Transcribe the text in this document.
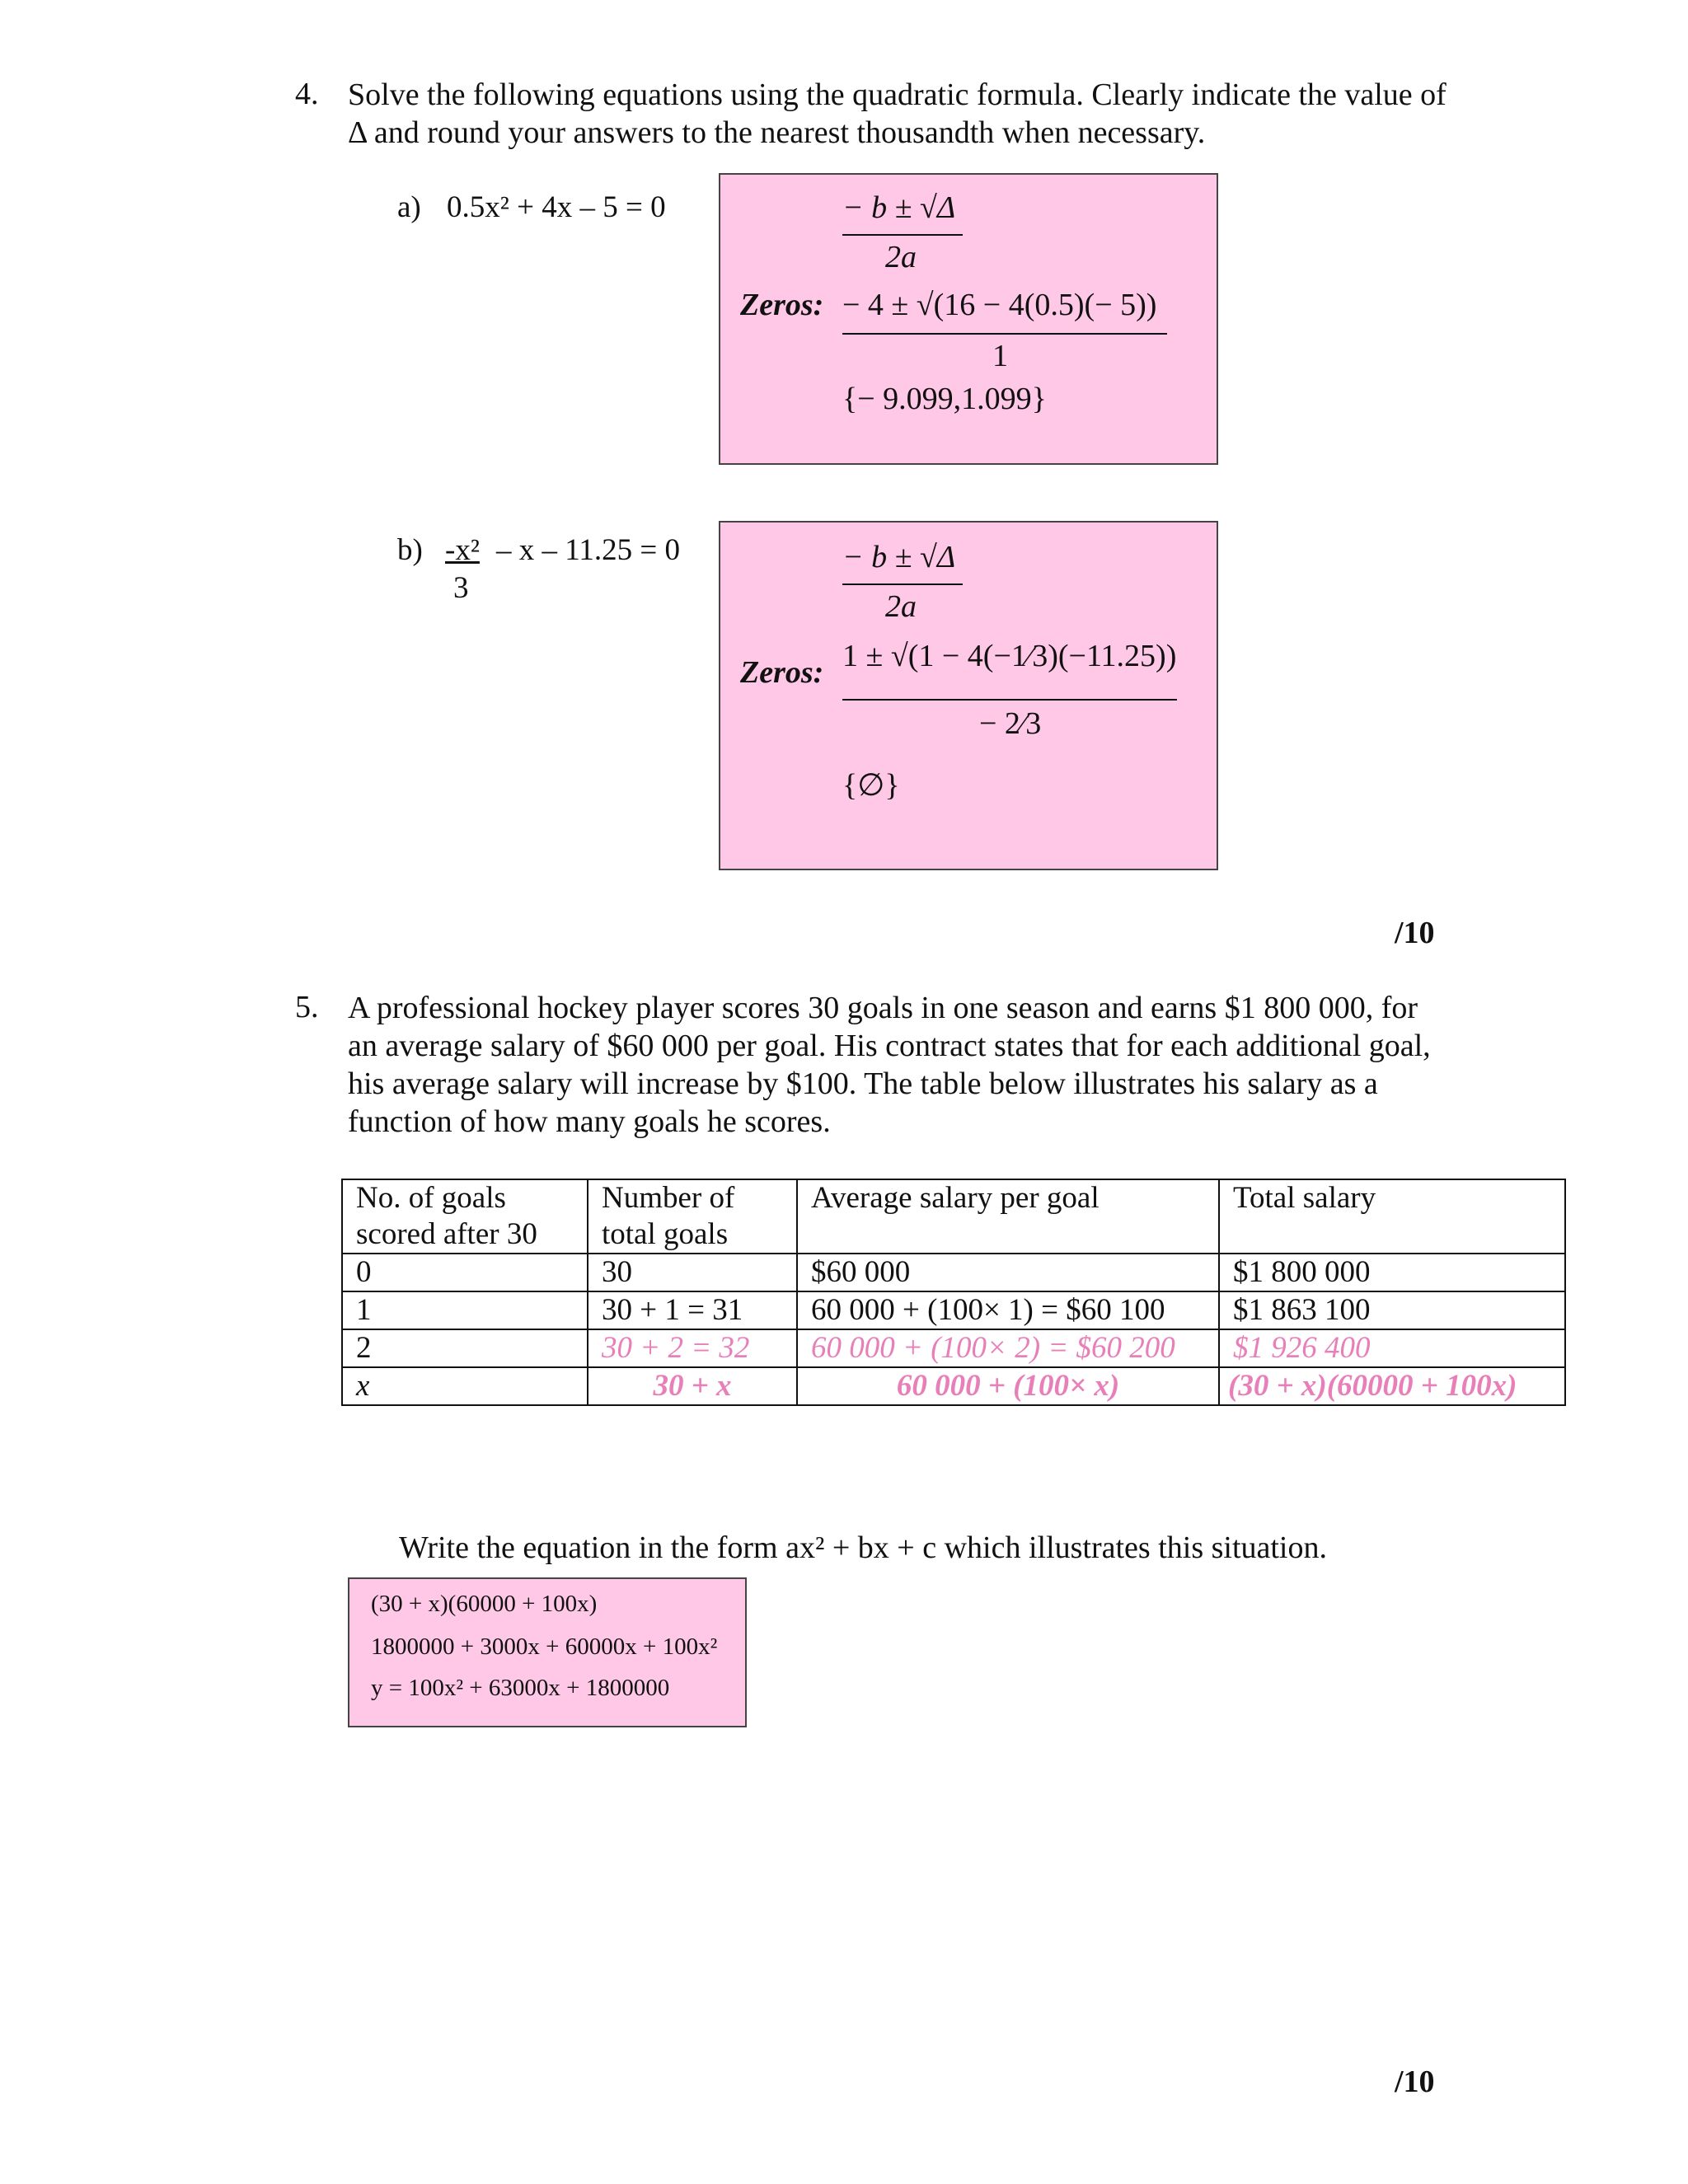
4. Solve the following equations using the quadratic formula. Clearly indicate the value of Δ and round your answers to the nearest thousandth when necessary.
a) 0.5x² + 4x – 5 = 0	− b ± √Δ
2a
Zeros: − 4 ± √(16 − 4(0.5)(− 5))
1
{− 9.099,1.099}
b) -x² – x – 11.25 = 0
3
− b ± √Δ
2a
Zeros: 1 ± √(1 − 4(−1⁄3)(−11.25))
− 2⁄3
{∅}
/10
5. A professional hockey player scores 30 goals in one season and earns $1 800 000, for an average salary of $60 000 per goal. His contract states that for each additional goal, his average salary will increase by $100. The table below illustrates his salary as a function of how many goals he scores.
No. of goals scored after 30	Number of total goals	Average salary per goal	Total salary
0	30	$60 000	$1 800 000
1	30 + 1 = 31	60 000 + (100× 1) = $60 100	$1 863 100
2	30 + 2 = 32	60 000 + (100× 2) = $60 200	$1 926 400
x	30 + x	60 000 + (100× x)	(30 + x)(60000 + 100x)
Write the equation in the form ax² + bx + c which illustrates this situation.
(30 + x)(60000 + 100x)
1800000 + 3000x + 60000x + 100x²
y = 100x² + 63000x + 1800000
/10
